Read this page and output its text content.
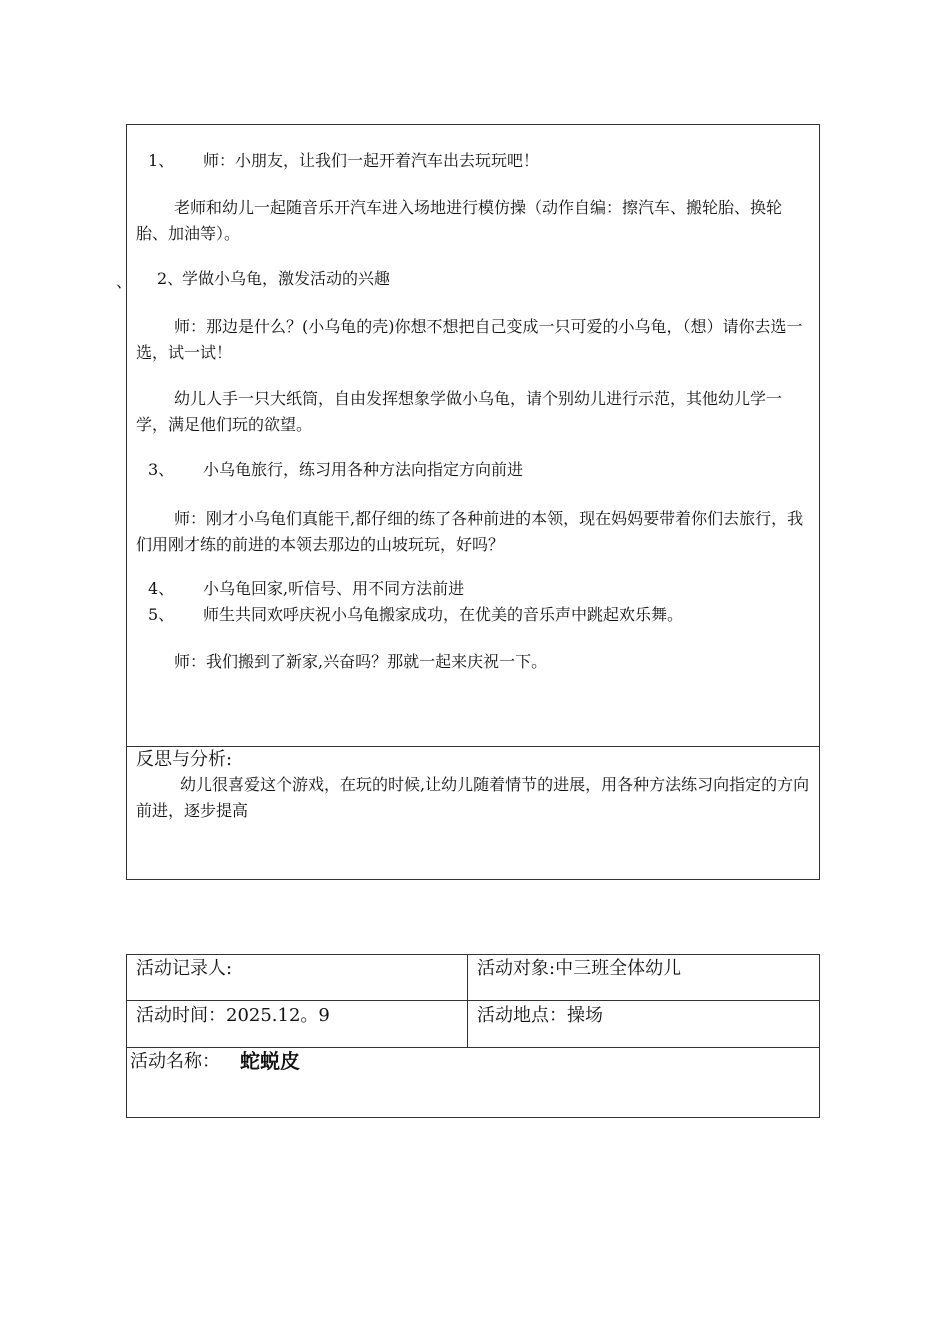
1、 师：小朋友，让我们一起开着汽车出去玩玩吧！
老师和幼儿一起随音乐开汽车进入场地进行模仿操（动作自编：擦汽车、搬轮胎、换轮胎、加油等）。
、 2、
学做小乌龟，激发活动的兴趣
师：那边是什么？(小乌龟的壳)你想不想把自己变成一只可爱的小乌龟，（想）请你去选一选，试一试！
幼儿人手一只大纸筒，自由发挥想象学做小乌龟，请个别幼儿进行示范，其他幼儿学一学，满足他们玩的欲望。
3、 小乌龟旅行，练习用各种方法向指定方向前进
师：刚才小乌龟们真能干,都仔细的练了各种前进的本领，现在妈妈要带着你们去旅行，我们用刚才练的前进的本领去那边的山坡玩玩，好吗？
4、 小乌龟回家,听信号、用不同方法前进
5、 师生共同欢呼庆祝小乌龟搬家成功，在优美的音乐声中跳起欢乐舞。
师：我们搬到了新家,兴奋吗？那就一起来庆祝一下。
反思与分析:
幼儿很喜爱这个游戏，在玩的时候,让幼儿随着情节的进展，用各种方法练习向指定的方向前进，逐步提高
活动记录人:	活动对象:中三班全体幼儿
活动时间：2025.12。9	活动地点：操场
活动名称： 蛇蜕皮
